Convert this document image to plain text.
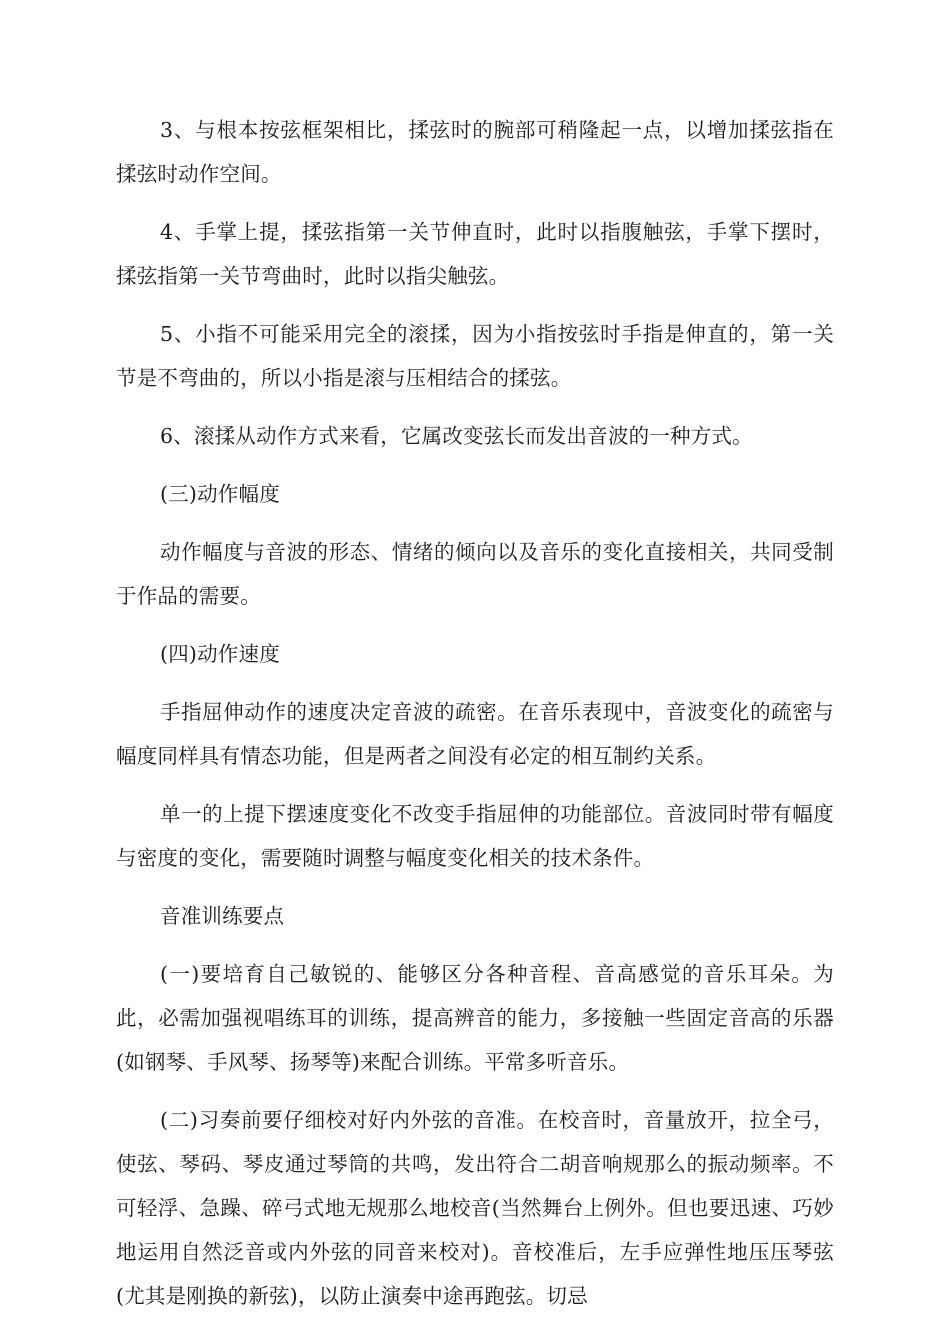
3、与根本按弦框架相比，揉弦时的腕部可稍隆起一点，以增加揉弦指在揉弦时动作空间。

4、手掌上提，揉弦指第一关节伸直时，此时以指腹触弦，手掌下摆时，揉弦指第一关节弯曲时，此时以指尖触弦。

5、小指不可能采用完全的滚揉，因为小指按弦时手指是伸直的，第一关节是不弯曲的，所以小指是滚与压相结合的揉弦。

6、滚揉从动作方式来看，它属改变弦长而发出音波的一种方式。

(三)动作幅度

动作幅度与音波的形态、情绪的倾向以及音乐的变化直接相关，共同受制于作品的需要。

(四)动作速度

手指屈伸动作的速度决定音波的疏密。在音乐表现中，音波变化的疏密与幅度同样具有情态功能，但是两者之间没有必定的相互制约关系。

单一的上提下摆速度变化不改变手指屈伸的功能部位。音波同时带有幅度与密度的变化，需要随时调整与幅度变化相关的技术条件。

音准训练要点

(一)要培育自己敏锐的、能够区分各种音程、音高感觉的音乐耳朵。为此，必需加强视唱练耳的训练，提高辨音的能力，多接触一些固定音高的乐器(如钢琴、手风琴、扬琴等)来配合训练。平常多听音乐。

(二)习奏前要仔细校对好内外弦的音准。在校音时，音量放开，拉全弓，使弦、琴码、琴皮通过琴筒的共鸣，发出符合二胡音响规那么的振动频率。不可轻浮、急躁、碎弓式地无规那么地校音(当然舞台上例外。但也要迅速、巧妙地运用自然泛音或内外弦的同音来校对)。音校准后，左手应弹性地压压琴弦(尤其是刚换的新弦)，以防止演奏中途再跑弦。切忌
